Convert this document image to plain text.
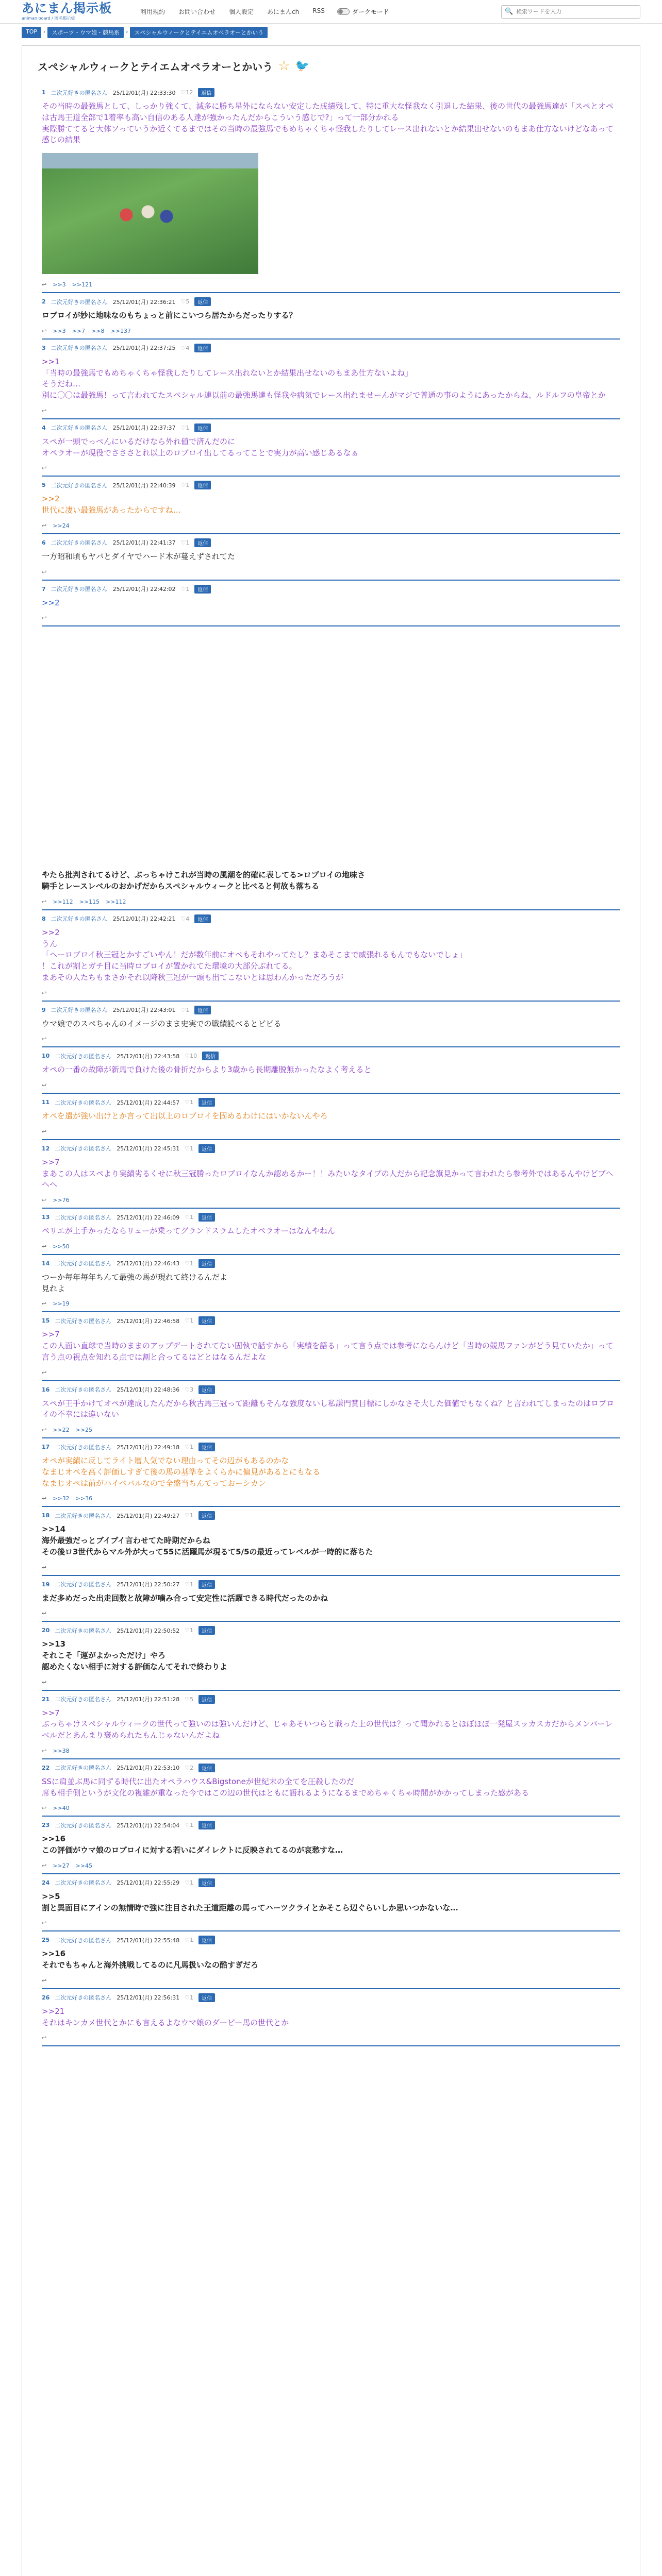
あにまん掲示板
animan board / 匿名掲示板
利用規約 お問い合わせ 個人設定 あにまんch RSS	ダークモード	🔍
検索ワードを入力
TOP	›	スポーツ・ウマ娘・競馬系	›	スペシャルウィークとテイエムオペラオーとかいう
スペシャルウィークとテイエムオペラオーとかいう ☆ 🐦
1 二次元好きの匿名さん 25/12/01(月) 22:33:30 ♡12	返信
その当時の最強馬として、しっかり強くて、滅多に勝ち星外にならない安定した成績残して、特に重大な怪我なく引退した結果、後の世代の最強馬達が「スペとオペは古馬王道全部で1着率も高い自信のある人達が強かったんだからこういう感じで?」って一部分かれる
実際勝ててると大体ソっていうか近くてるまではその当時の最強馬でもめちゃくちゃ怪我したりしてレース出れないとか結果出せないのもまあ仕方ないけどなあって感じの結果
↩ >>3 >>121
2 二次元好きの匿名さん 25/12/01(月) 22:36:21 ♡5	返信
ロブロイが妙に地味なのもちょっと前にこいつら居たからだったりする？
↩ >>3 >>7 >>8 >>137
3 二次元好きの匿名さん 25/12/01(月) 22:37:25 ♡4	返信
>>1
「当時の最強馬でもめちゃくちゃ怪我したりしてレース出れないとか結果出せないのもまあ仕方ないよね」
そうだね…
別に〇〇は最強馬！って言われてたスペシャル連以前の最強馬達も怪我や病気でレース出れませーんがマジで普通の事のようにあったからね、ルドルフの皇帝とか
↩
4 二次元好きの匿名さん 25/12/01(月) 22:37:37 ♡1	返信
スペが一頭でっぺんにいるだけなら外れ値で済んだのに
オペラオーが現役でさささとれ以上のロブロイ出してるってことで実力が高い感じあるなぁ
↩
5 二次元好きの匿名さん 25/12/01(月) 22:40:39 ♡1	返信
>>2
世代に凄い最強馬があったからですね…
↩ >>24
6 二次元好きの匿名さん 25/12/01(月) 22:41:37 ♡1	返信
一方昭和頃もヤバとダイヤでハード木が蔓えずされてた
↩
7 二次元好きの匿名さん 25/12/01(月) 22:42:02 ♡1	返信
>>2
↩
やたら批判されてるけど、ぶっちゃけこれが当時の風潮を的確に表してる>ロブロイの地味さ
騎手とレースレベルのおかげだからスペシャルウィークと比べると何故も落ちる
↩ >>112 >>115 >>112
8 二次元好きの匿名さん 25/12/01(月) 22:42:21 ♡4	返信
>>2
うん
「ヘーロブロイ秋三冠とかすごいやん！だが数年前にオペもそれやってたし？まあそこまで威張れるもんでもないでしょ」
！これが割とガチ目に当時ロブロイが置かれてた環境の大部分ぶれてる。
まあその人たちもまさかそれ以降秋三冠が一頭も出てこないとは思わんかっただろうが
↩
9 二次元好きの匿名さん 25/12/01(月) 22:43:01 ♡1	返信
ウマ娘でのスペちゃんのイメージのまま史実での戦績読べるとビビる
↩
10 二次元好きの匿名さん 25/12/01(月) 22:43:58 ♡10	返信
オペの一番の故障が新馬で負けた後の骨折だからより3歳から長期離脱無かったなよく考えると
↩
11 二次元好きの匿名さん 25/12/01(月) 22:44:57 ♡1	返信
オペを遣が強い出けとか言って出以上のロブロイを固めるわけにはいかないんやろ
↩
12 二次元好きの匿名さん 25/12/01(月) 22:45:31 ♡1	返信
>>7
まあこの人はスペより実績劣るくせに秋三冠勝ったロブロイなんか認めるかー！！みたいなタイプの人だから記念旗見かって言われたら参考外ではあるんやけどブヘヘヘ
↩ >>76
13 二次元好きの匿名さん 25/12/01(月) 22:46:09 ♡1	返信
ペリエが上手かったならリューが乗ってグランドスラムしたオペラオーはなんやねん
↩ >>50
14 二次元好きの匿名さん 25/12/01(月) 22:46:43 ♡1	返信
つーか毎年毎年ちんて最強の馬が現れて終けるんだよ
見れよ
↩ >>19
15 二次元好きの匿名さん 25/12/01(月) 22:46:58 ♡1	返信
>>7
この人面い直球で当時のままのアップデートされてない固執で話すから「実績を語る」って言う点では参考にならんけど「当時の競馬ファンがどう見ていたか」って言う点の視点を知れる点では割と合ってるはどとはなるんだよな
↩
16 二次元好きの匿名さん 25/12/01(月) 22:48:36 ♡3	返信
スペが王手かけてオペが達成したんだから秋古馬三冠って距離もそんな強度ないし私謙門賞目標にしかなさそ大した価値でもなくね？と言われてしまったのはロブロイの不幸には違いない
↩ >>22 >>25
17 二次元好きの匿名さん 25/12/01(月) 22:49:18 ♡1	返信
オペが実績に反してライト層人気でない理由ってその辺がもあるのかな
なまじオペを高く評価しすぎて後の馬の基準をよくらかに偏見があるとにもなる
なまじオペは前がハイベバルなので全盛当ちんてっておーシカン
↩ >>32 >>36
18 二次元好きの匿名さん 25/12/01(月) 22:49:27 ♡1	返信
>>14
海外最強だっとブイブイ言わせてた時期だからね
その後ロ3世代からマル外が大って55に活躍馬が現るて5/5の最近ってレベルが一時的に落ちた
↩
19 二次元好きの匿名さん 25/12/01(月) 22:50:27 ♡1	返信
まだ多めだった出走回数と故障が噛み合って安定性に活躍できる時代だったのかね
↩
20 二次元好きの匿名さん 25/12/01(月) 22:50:52 ♡1	返信
>>13
それこそ「運がよかっただけ」やろ
認めたくない相手に対する評価なんてそれで終わりよ
↩
21 二次元好きの匿名さん 25/12/01(月) 22:51:28 ♡5	返信
>>7
ぶっちゃけスペシャルウィークの世代って強いのは強いんだけど、じゃあそいつらと戦った上の世代は？って聞かれるとほぼほぼ一発屋スッカスカだからメンバーレベルだとあんまり褒められたもんじゃないんだよね
↩ >>38
22 二次元好きの匿名さん 25/12/01(月) 22:53:10 ♡2	返信
SSに肩並ぶ馬に同ずる時代に出たオペラハウス&Bigstoneが世紀末の全てを圧殺したのだ
席も相手側というが文化の複雑が重なった今ではこの辺の世代はともに語れるようになるまでめちゃくちゃ時間がかかってしまった感がある
↩ >>40
23 二次元好きの匿名さん 25/12/01(月) 22:54:04 ♡1	返信
>>16
この評価がウマ娘のロブロイに対する若いにダイレクトに反映されてるのが哀愁すな…
↩ >>27 >>45
24 二次元好きの匿名さん 25/12/01(月) 22:55:29 ♡1	返信
>>5
割と異面目にアインの無情時で強に注目された王道距離の馬ってハーツクライとかそこら辺ぐらいしか思いつかないな…
↩
25 二次元好きの匿名さん 25/12/01(月) 22:55:48 ♡1	返信
>>16
それでもちゃんと海外挑戦してるのに凡馬扱いなの酷すぎだろ
↩
26 二次元好きの匿名さん 25/12/01(月) 22:56:31 ♡1	返信
>>21
それはキンカメ世代とかにも言えるよなウマ娘のダービー馬の世代とか
↩
